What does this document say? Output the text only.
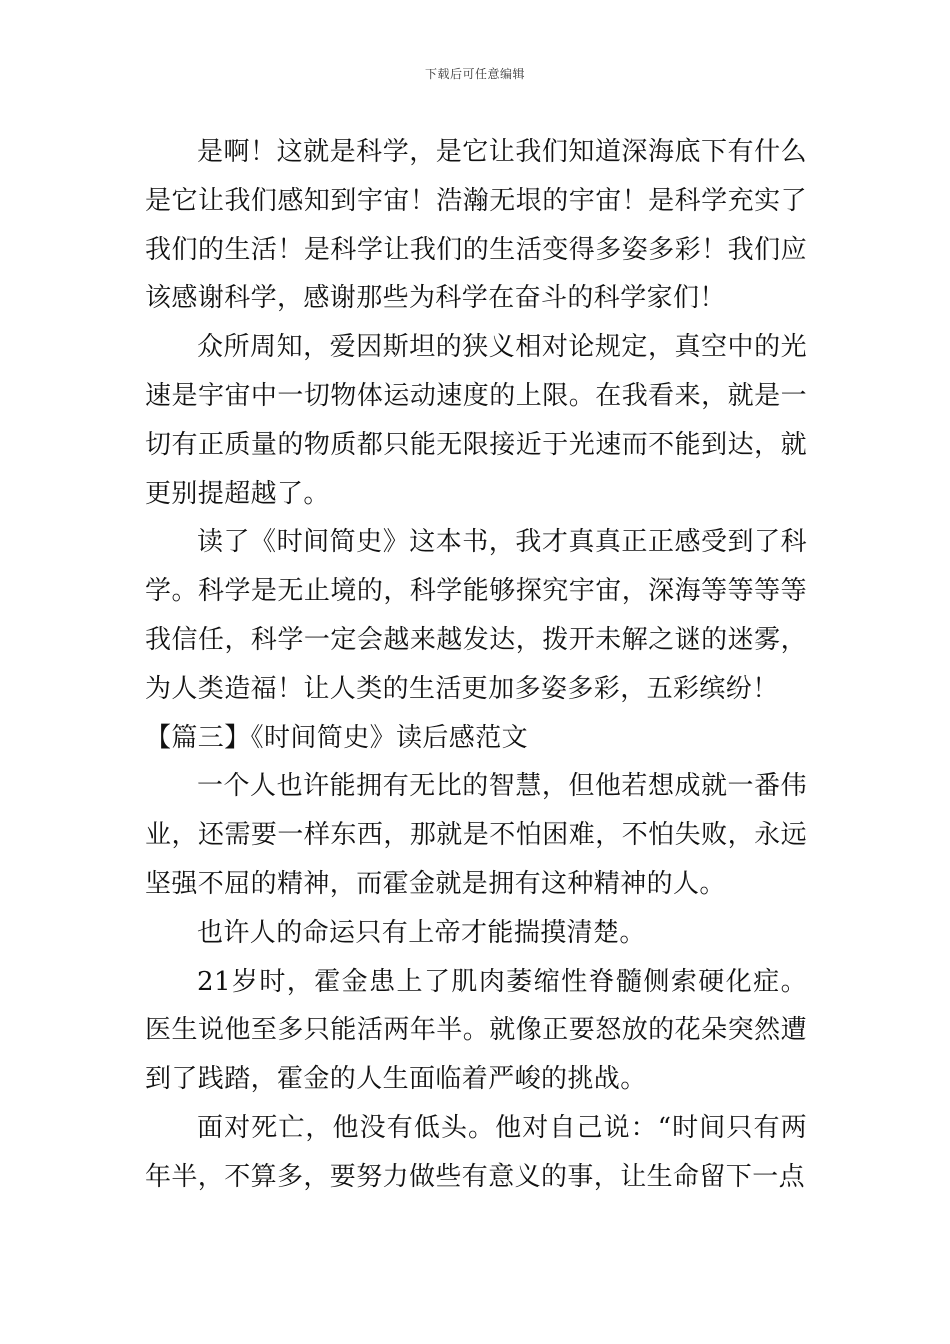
下载后可任意编辑

是啊！这就是科学，是它让我们知道深海底下有什么是它让我们感知到宇宙！浩瀚无垠的宇宙！是科学充实了我们的生活！是科学让我们的生活变得多姿多彩！我们应该感谢科学，感谢那些为科学在奋斗的科学家们！

众所周知，爱因斯坦的狭义相对论规定，真空中的光速是宇宙中一切物体运动速度的上限。在我看来，就是一切有正质量的物质都只能无限接近于光速而不能到达，就更别提超越了。

读了《时间简史》这本书，我才真真正正感受到了科学。科学是无止境的，科学能够探究宇宙，深海等等等等我信任，科学一定会越来越发达，拨开未解之谜的迷雾，为人类造福！让人类的生活更加多姿多彩，五彩缤纷！

【篇三】《时间简史》读后感范文

一个人也许能拥有无比的智慧，但他若想成就一番伟业，还需要一样东西，那就是不怕困难，不怕失败，永远坚强不屈的精神，而霍金就是拥有这种精神的人。

也许人的命运只有上帝才能揣摸清楚。

21岁时，霍金患上了肌肉萎缩性脊髓侧索硬化症。医生说他至多只能活两年半。就像正要怒放的花朵突然遭到了践踏，霍金的人生面临着严峻的挑战。

面对死亡，他没有低头。他对自己说：“时间只有两年半，不算多，要努力做些有意义的事，让生命留下一点
